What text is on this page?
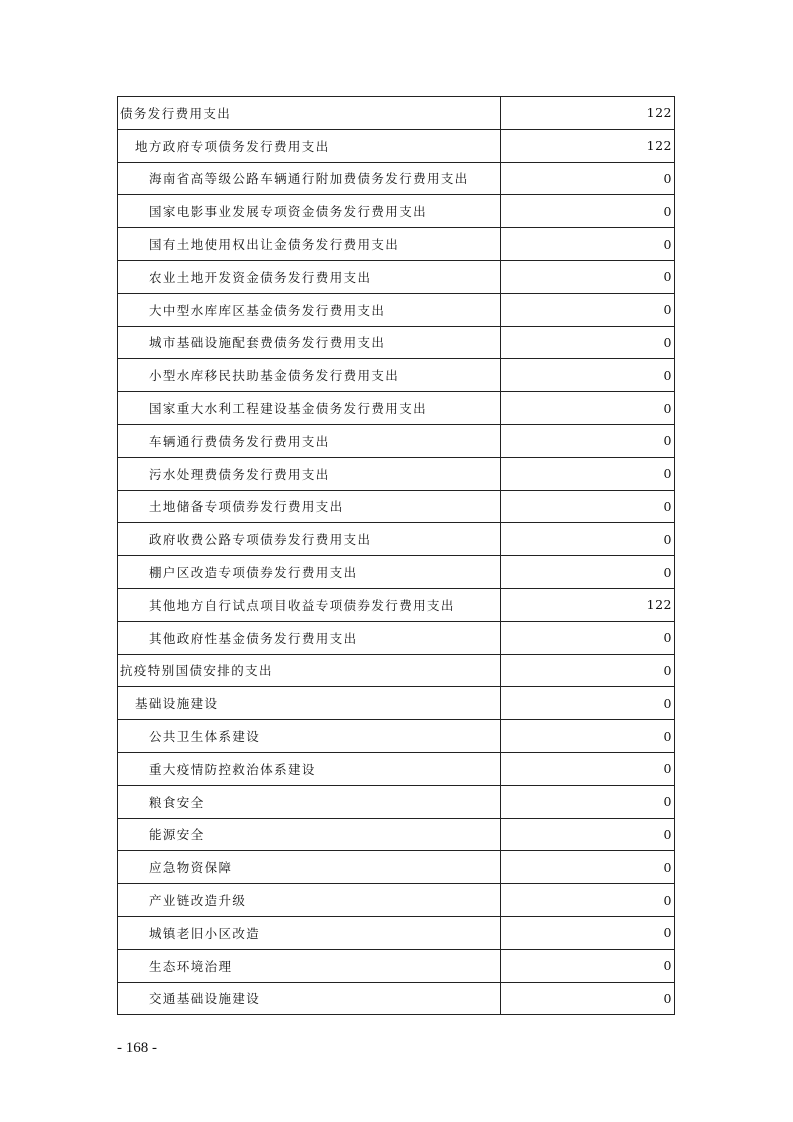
债务发行费用支出	122
地方政府专项债务发行费用支出	122
海南省高等级公路车辆通行附加费债务发行费用支出	0
国家电影事业发展专项资金债务发行费用支出	0
国有土地使用权出让金债务发行费用支出	0
农业土地开发资金债务发行费用支出	0
大中型水库库区基金债务发行费用支出	0
城市基础设施配套费债务发行费用支出	0
小型水库移民扶助基金债务发行费用支出	0
国家重大水利工程建设基金债务发行费用支出	0
车辆通行费债务发行费用支出	0
污水处理费债务发行费用支出	0
土地储备专项债券发行费用支出	0
政府收费公路专项债券发行费用支出	0
棚户区改造专项债券发行费用支出	0
其他地方自行试点项目收益专项债券发行费用支出	122
其他政府性基金债务发行费用支出	0
抗疫特别国债安排的支出	0
基础设施建设	0
公共卫生体系建设	0
重大疫情防控救治体系建设	0
粮食安全	0
能源安全	0
应急物资保障	0
产业链改造升级	0
城镇老旧小区改造	0
生态环境治理	0
交通基础设施建设	0
- 168 -
